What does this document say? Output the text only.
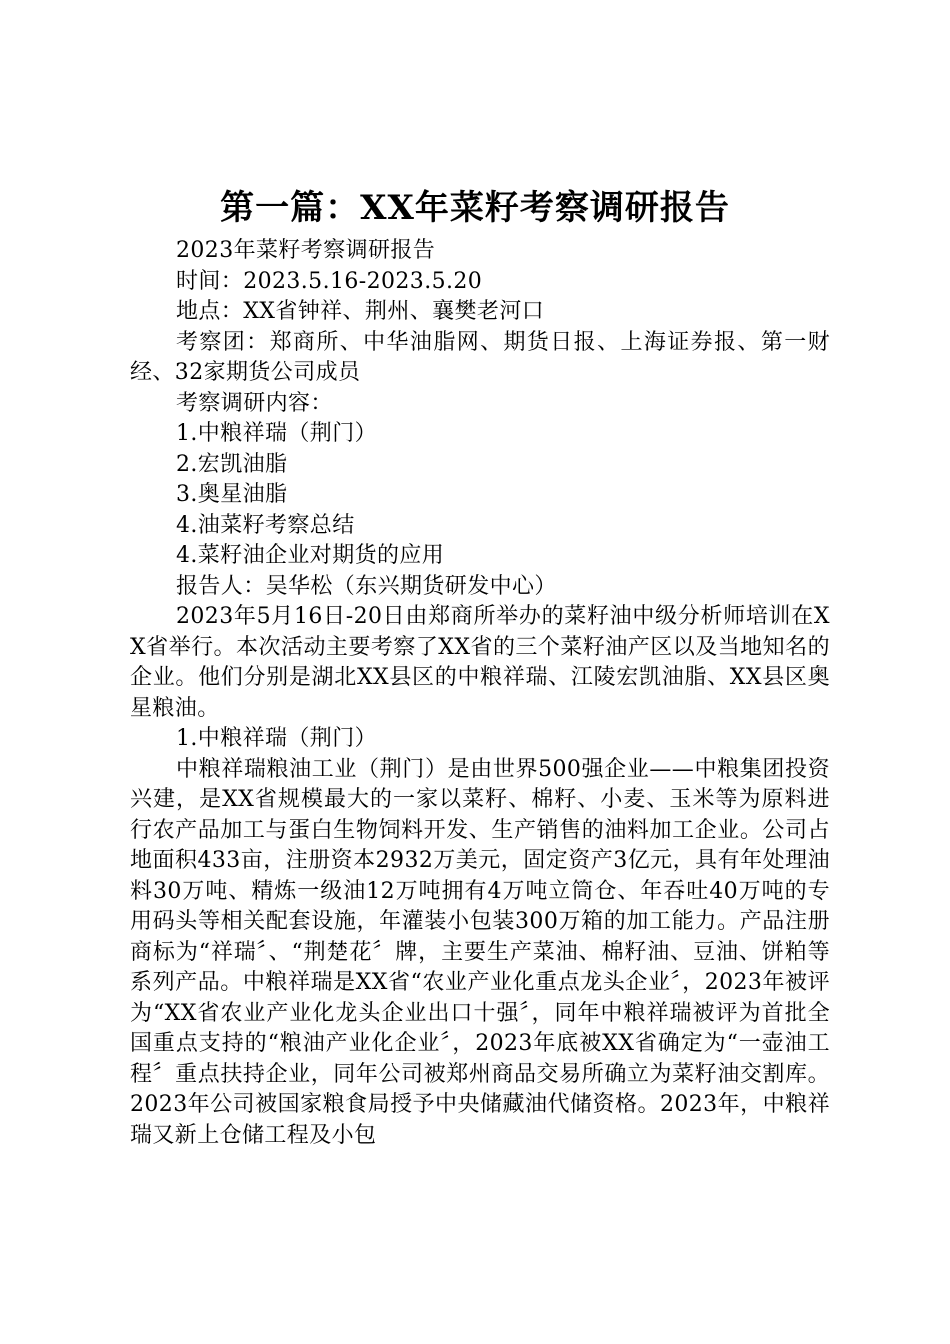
第一篇：XX年菜籽考察调研报告

2023年菜籽考察调研报告

时间：2023.5.16-2023.5.20

地点：XX省钟祥、荆州、襄樊老河口

考察团：郑商所、中华油脂网、期货日报、上海证券报、第一财经、32家期货公司成员

考察调研内容：

1.中粮祥瑞（荆门）

2.宏凯油脂

3.奥星油脂

4.油菜籽考察总结

4.菜籽油企业对期货的应用

报告人：吴华松（东兴期货研发中心）

2023年5月16日-20日由郑商所举办的菜籽油中级分析师培训在XX省举行。本次活动主要考察了XX省的三个菜籽油产区以及当地知名的企业。他们分别是湖北XX县区的中粮祥瑞、江陵宏凯油脂、XX县区奥星粮油。

1.中粮祥瑞（荆门）

中粮祥瑞粮油工业（荆门）是由世界500强企业——中粮集团投资兴建，是XX省规模最大的一家以菜籽、棉籽、小麦、玉米等为原料进行农产品加工与蛋白生物饲料开发、生产销售的油料加工企业。公司占地面积433亩，注册资本2932万美元，固定资产3亿元，具有年处理油料30万吨、精炼一级油12万吨拥有4万吨立筒仓、年吞吐40万吨的专用码头等相关配套设施，年灌装小包装300万箱的加工能力。产品注册商标为“祥瑞〞、“荆楚花〞牌，主要生产菜油、棉籽油、豆油、饼粕等系列产品。中粮祥瑞是XX省“农业产业化重点龙头企业〞，2023年被评为“XX省农业产业化龙头企业出口十强〞，同年中粮祥瑞被评为首批全国重点支持的“粮油产业化企业〞，2023年底被XX省确定为“一壶油工程〞重点扶持企业，同年公司被郑州商品交易所确立为菜籽油交割库。2023年公司被国家粮食局授予中央储藏油代储资格。2023年，中粮祥瑞又新上仓储工程及小包
